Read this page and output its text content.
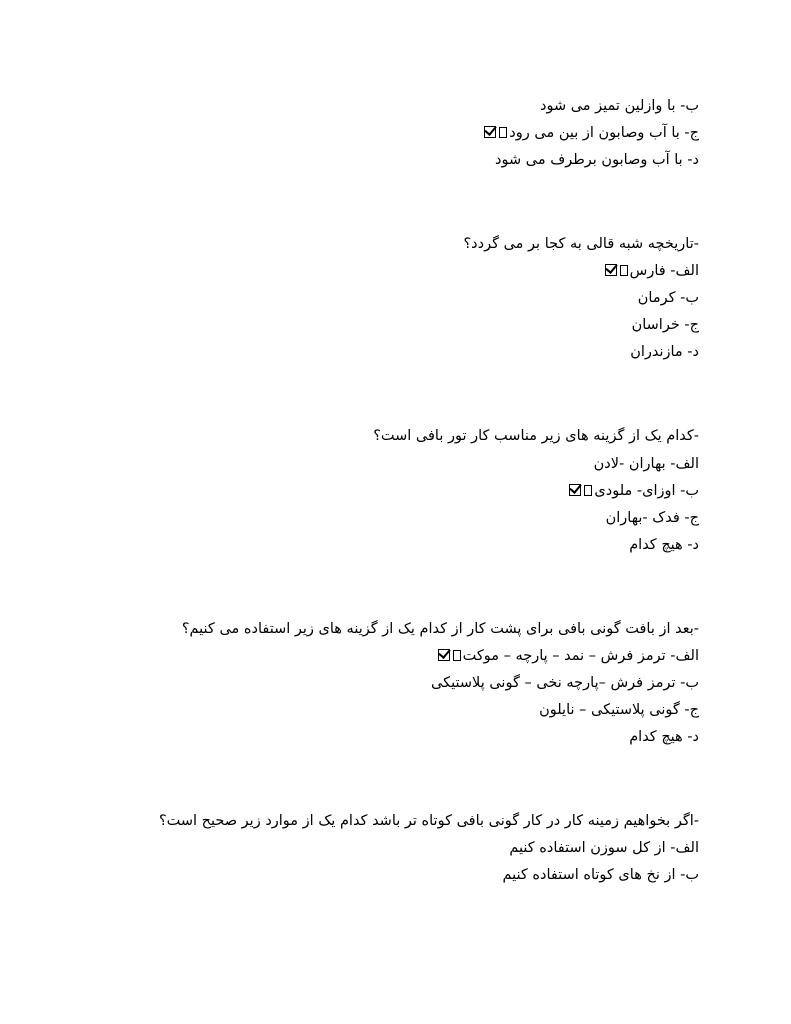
ب- با وازلین تمیز می شود
ج- با آب وصابون از بین می رود
د- با آب وصابون برطرف می شود
-تاریخچه شبه قالی به کجا بر می گردد؟
الف- فارس
ب- کرمان
ج- خراسان
د- مازندران
-کدام یک از گزینه های زیر مناسب کار تور بافی است؟
الف- بهاران -لادن
ب- اوزای- ملودی
ج- فدک -بهاران
د- هیچ کدام
-بعد از بافت گونی بافی برای پشت کار از کدام یک از گزینه های زیر استفاده می کنیم؟
الف- ترمز فرش – نمد – پارچه – موکت
ب- ترمز فرش –پارچه نخی – گونی پلاستیکی
ج- گونی پلاستیکی – نایلون
د- هیچ کدام
-اگر بخواهیم زمینه کار در کار گونی بافی کوتاه تر باشد کدام یک از موارد زیر صحیح است؟
الف- از کل سوزن استفاده کنیم
ب- از نخ های کوتاه استفاده کنیم
